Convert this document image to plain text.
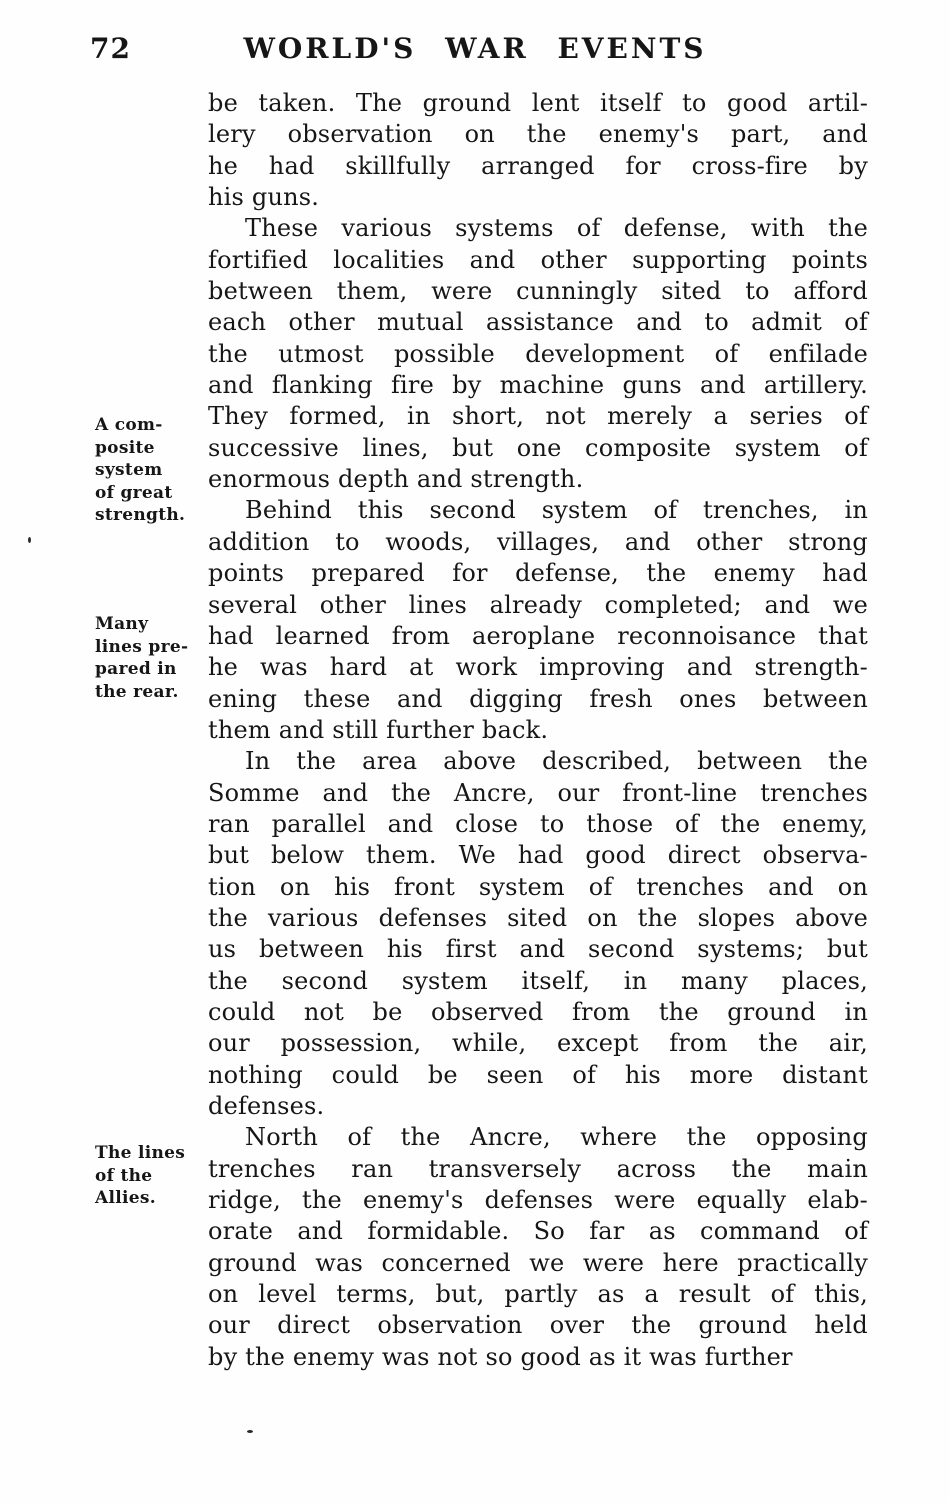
72	WORLD'S WAR EVENTS
A com-
posite
system
of great
strength.
Many
lines pre-
pared in
the rear.
The lines
of the
Allies.
be taken. The ground lent itself to good artil-
lery observation on the enemy's part, and
he had skillfully arranged for cross-fire by
his guns.
These various systems of defense, with the
fortified localities and other supporting points
between them, were cunningly sited to afford
each other mutual assistance and to admit of
the utmost possible development of enfilade
and flanking fire by machine guns and artillery.
They formed, in short, not merely a series of
successive lines, but one composite system of
enormous depth and strength.
Behind this second system of trenches, in
addition to woods, villages, and other strong
points prepared for defense, the enemy had
several other lines already completed; and we
had learned from aeroplane reconnoisance that
he was hard at work improving and strength-
ening these and digging fresh ones between
them and still further back.
In the area above described, between the
Somme and the Ancre, our front-line trenches
ran parallel and close to those of the enemy,
but below them. We had good direct observa-
tion on his front system of trenches and on
the various defenses sited on the slopes above
us between his first and second systems; but
the second system itself, in many places,
could not be observed from the ground in
our possession, while, except from the air,
nothing could be seen of his more distant
defenses.
North of the Ancre, where the opposing
trenches ran transversely across the main
ridge, the enemy's defenses were equally elab-
orate and formidable. So far as command of
ground was concerned we were here practically
on level terms, but, partly as a result of this,
our direct observation over the ground held
by the enemy was not so good as it was further
